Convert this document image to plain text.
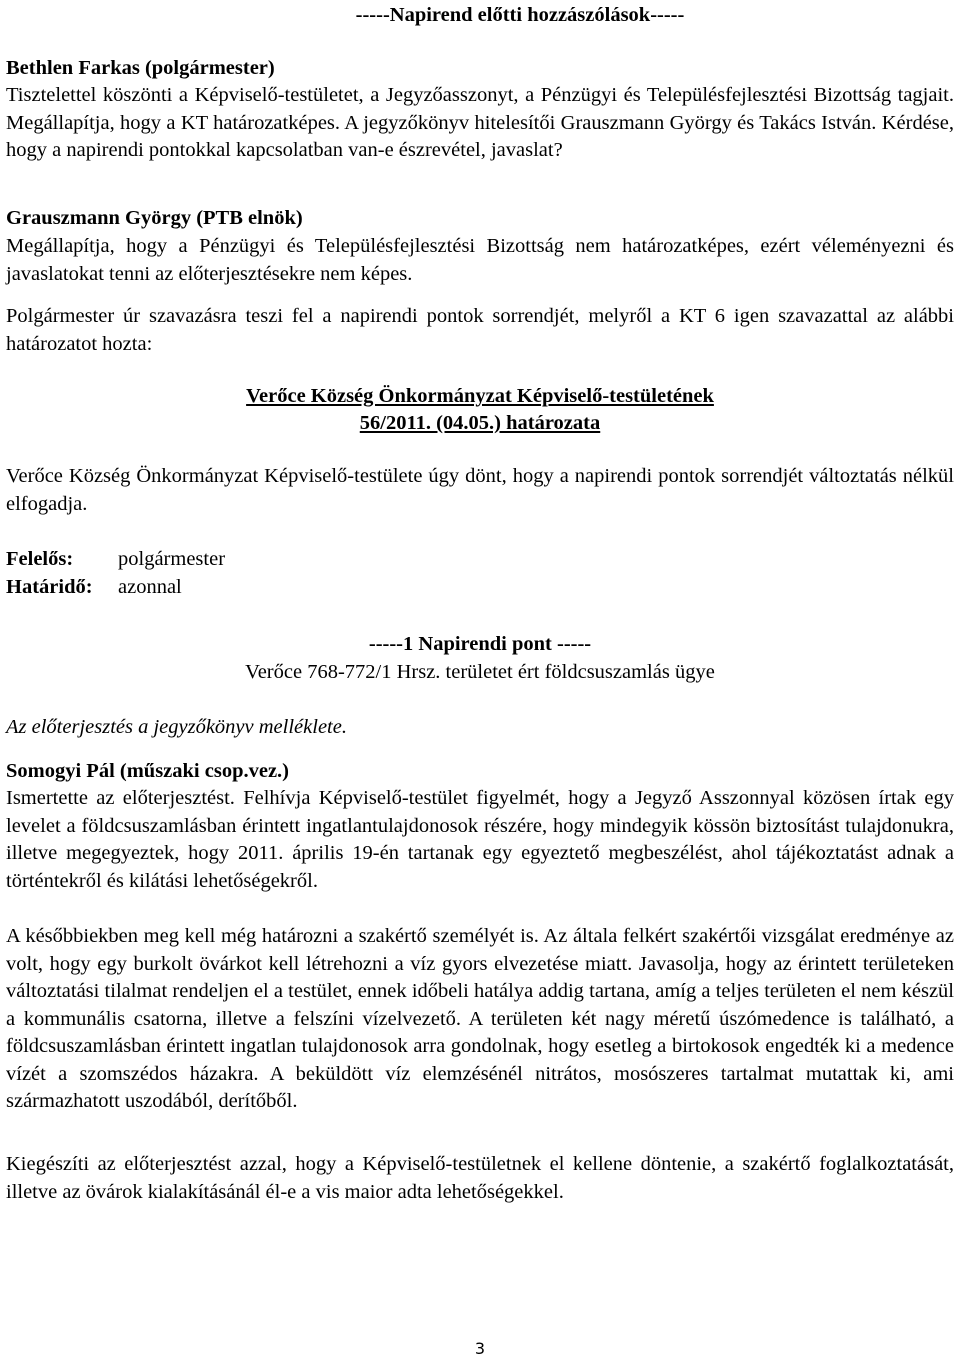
-----Napirend előtti hozzászólások-----
Bethlen Farkas (polgármester)
Tisztelettel köszönti a Képviselő-testületet, a Jegyzőasszonyt, a Pénzügyi és Településfejlesztési Bizottság tagjait. Megállapítja, hogy a KT határozatképes. A jegyzőkönyv hitelesítői Grauszmann György és Takács István. Kérdése, hogy a napirendi pontokkal kapcsolatban van-e észrevétel, javaslat?
Grauszmann György (PTB elnök)
Megállapítja, hogy a Pénzügyi és Településfejlesztési Bizottság nem határozatképes, ezért véleményezni és javaslatokat tenni az előterjesztésekre nem képes.
Polgármester úr szavazásra teszi fel a napirendi pontok sorrendjét, melyről a KT 6 igen szavazattal az alábbi határozatot hozta:
Verőce Község Önkormányzat Képviselő-testületének
56/2011. (04.05.) határozata
Verőce Község Önkormányzat Képviselő-testülete úgy dönt, hogy a napirendi pontok sorrendjét változtatás nélkül elfogadja.
Felelős: polgármester
Határidő: azonnal
-----1 Napirendi pont -----
Verőce 768-772/1 Hrsz. területet ért földcsuszamlás ügye
Az előterjesztés a jegyzőkönyv melléklete.
Somogyi Pál (műszaki csop.vez.)
Ismertette az előterjesztést. Felhívja Képviselő-testület figyelmét, hogy a Jegyző Asszonnyal közösen írtak egy levelet a földcsuszamlásban érintett ingatlantulajdonosok részére, hogy mindegyik kössön biztosítást tulajdonukra, illetve megegyeztek, hogy 2011. április 19-én tartanak egy egyeztető megbeszélést, ahol tájékoztatást adnak a történtekről és kilátási lehetőségekről.
A későbbiekben meg kell még határozni a szakértő személyét is. Az általa felkért szakértői vizsgálat eredménye az volt, hogy egy burkolt övárkot kell létrehozni a víz gyors elvezetése miatt. Javasolja, hogy az érintett területeken változtatási tilalmat rendeljen el a testület, ennek időbeli hatálya addig tartana, amíg a teljes területen el nem készül a kommunális csatorna, illetve a felszíni vízelvezető. A területen két nagy méretű úszómedence is található, a földcsuszamlásban érintett ingatlan tulajdonosok arra gondolnak, hogy esetleg a birtokosok engedték ki a medence vízét a szomszédos házakra. A beküldött víz elemzésénél nitrátos, mosószeres tartalmat mutattak ki, ami származhatott uszodából, derítőből.
Kiegészíti az előterjesztést azzal, hogy a Képviselő-testületnek el kellene döntenie, a szakértő foglalkoztatását, illetve az övárok kialakításánál él-e a vis maior adta lehetőségekkel.
3
